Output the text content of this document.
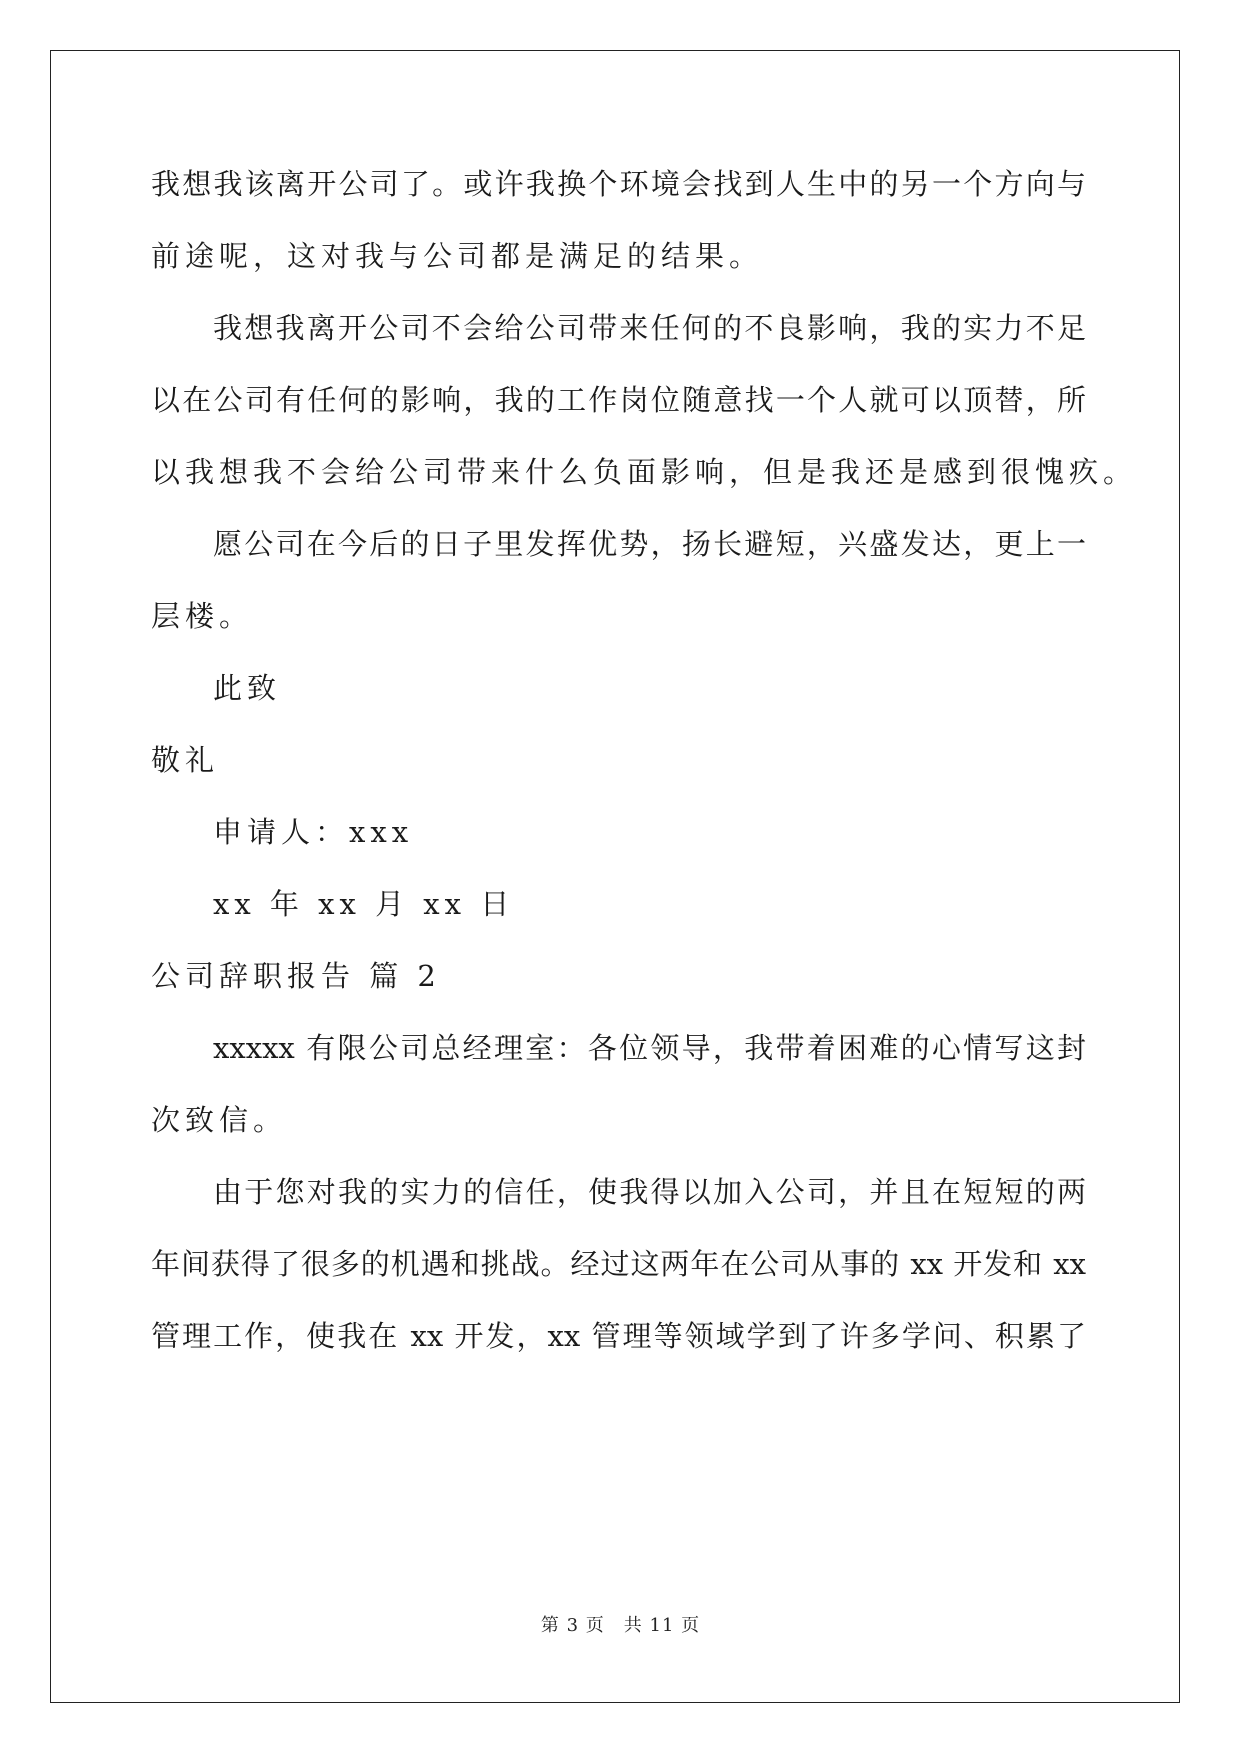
我想我该离开公司了。或许我换个环境会找到人生中的另一个方向与
前途呢，这对我与公司都是满足的结果。
我想我离开公司不会给公司带来任何的不良影响，我的实力不足
以在公司有任何的影响，我的工作岗位随意找一个人就可以顶替，所
以我想我不会给公司带来什么负面影响，但是我还是感到很愧疚。
愿公司在今后的日子里发挥优势，扬长避短，兴盛发达，更上一
层楼。
此致
敬礼
申请人：xxx
xx 年 xx 月 xx 日
公司辞职报告 篇 2
xxxxx 有限公司总经理室：各位领导，我带着困难的心情写这封
次致信。
由于您对我的实力的信任，使我得以加入公司，并且在短短的两
年间获得了很多的机遇和挑战。经过这两年在公司从事的 xx 开发和 xx
管理工作，使我在 xx 开发，xx 管理等领域学到了许多学问、积累了
第 3 页　共 11 页
